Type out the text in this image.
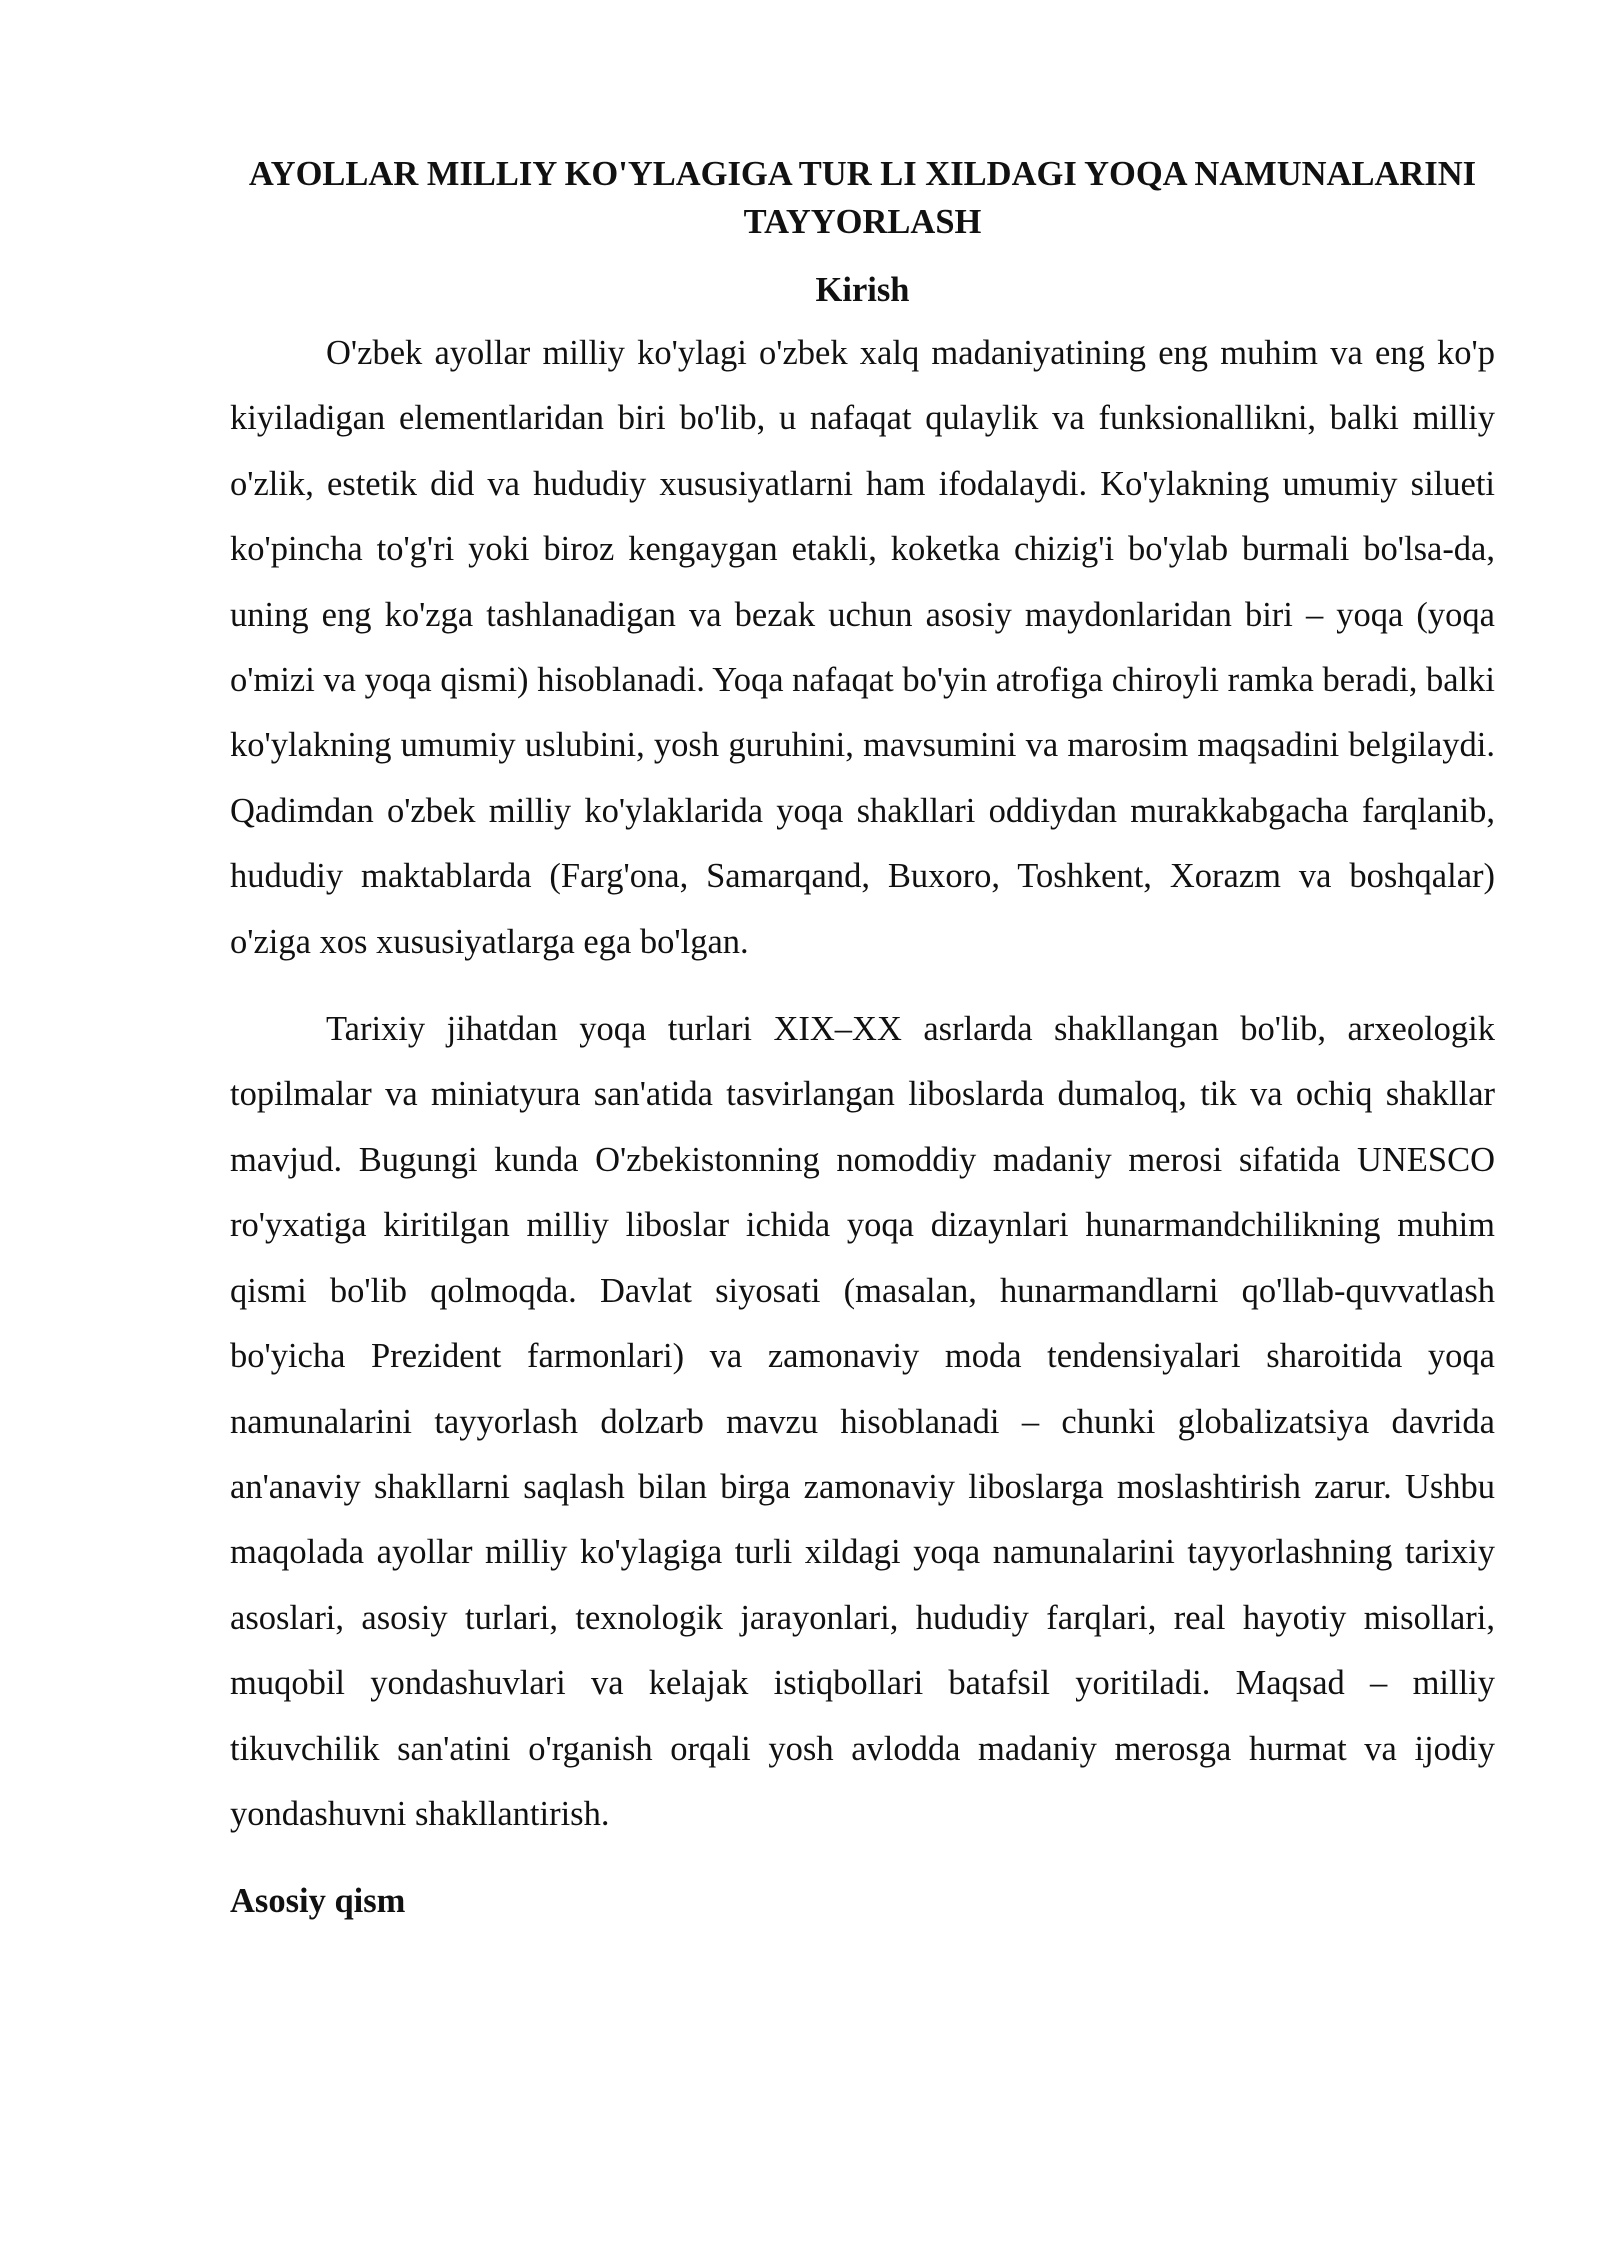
AYOLLAR MILLIY KO'YLAGIGA TUR LI XILDAGI YOQA NAMUNALARINI TAYYORLASH
Kirish

O'zbek ayollar milliy ko'ylagi o'zbek xalq madaniyatining eng muhim va eng ko'p kiyiladigan elementlaridan biri bo'lib, u nafaqat qulaylik va funksionallikni, balki milliy o'zlik, estetik did va hududiy xususiyatlarni ham ifodalaydi. Ko'ylakning umumiy silueti ko'pincha to'g'ri yoki biroz kengaygan etakli, koketka chizig'i bo'ylab burmali bo'lsa-da, uning eng ko'zga tashlanadigan va bezak uchun asosiy maydonlaridan biri – yoqa (yoqa o'mizi va yoqa qismi) hisoblanadi. Yoqa nafaqat bo'yin atrofiga chiroyli ramka beradi, balki ko'ylakning umumiy uslubini, yosh guruhini, mavsumini va marosim maqsadini belgilaydi. Qadimdan o'zbek milliy ko'ylaklarida yoqa shakllari oddiydan murakkabgacha farqlanib, hududiy maktablarda (Farg'ona, Samarqand, Buxoro, Toshkent, Xorazm va boshqalar) o'ziga xos xususiyatlarga ega bo'lgan.

Tarixiy jihatdan yoqa turlari XIX–XX asrlarda shakllangan bo'lib, arxeologik topilmalar va miniatyura san'atida tasvirlangan liboslarda dumaloq, tik va ochiq shakllar mavjud. Bugungi kunda O'zbekistonning nomoddiy madaniy merosi sifatida UNESCO ro'yxatiga kiritilgan milliy liboslar ichida yoqa dizaynlari hunarmandchilikning muhim qismi bo'lib qolmoqda. Davlat siyosati (masalan, hunarmandlarni qo'llab-quvvatlash bo'yicha Prezident farmonlari) va zamonaviy moda tendensiyalari sharoitida yoqa namunalarini tayyorlash dolzarb mavzu hisoblanadi – chunki globalizatsiya davrida an'anaviy shakllarni saqlash bilan birga zamonaviy liboslarga moslashtirish zarur. Ushbu maqolada ayollar milliy ko'ylagiga turli xildagi yoqa namunalarini tayyorlashning tarixiy asoslari, asosiy turlari, texnologik jarayonlari, hududiy farqlari, real hayotiy misollari, muqobil yondashuvlari va kelajak istiqbollari batafsil yoritiladi. Maqsad – milliy tikuvchilik san'atini o'rganish orqali yosh avlodda madaniy merosga hurmat va ijodiy yondashuvni shakllantirish.

Asosiy qism
